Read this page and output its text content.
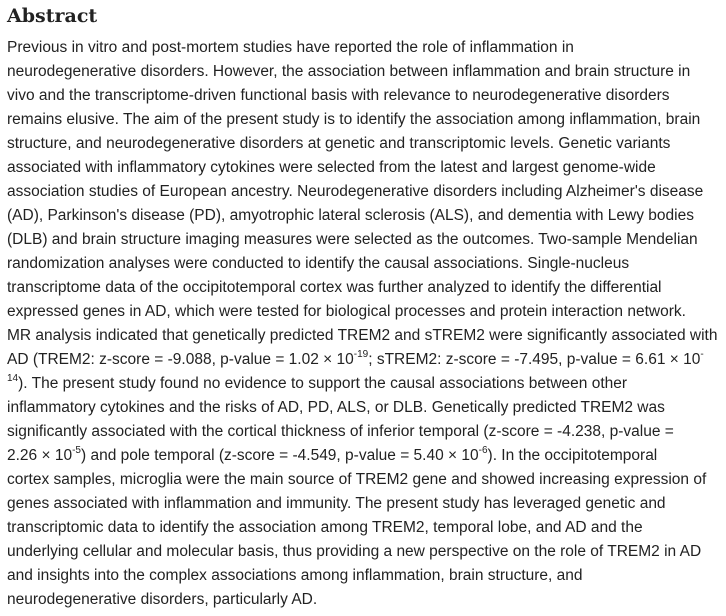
Abstract
Previous in vitro and post-mortem studies have reported the role of inflammation in
neurodegenerative disorders. However, the association between inflammation and brain structure in
vivo and the transcriptome-driven functional basis with relevance to neurodegenerative disorders
remains elusive. The aim of the present study is to identify the association among inflammation, brain
structure, and neurodegenerative disorders at genetic and transcriptomic levels. Genetic variants
associated with inflammatory cytokines were selected from the latest and largest genome-wide
association studies of European ancestry. Neurodegenerative disorders including Alzheimer's disease
(AD), Parkinson's disease (PD), amyotrophic lateral sclerosis (ALS), and dementia with Lewy bodies
(DLB) and brain structure imaging measures were selected as the outcomes. Two-sample Mendelian
randomization analyses were conducted to identify the causal associations. Single-nucleus
transcriptome data of the occipitotemporal cortex was further analyzed to identify the differential
expressed genes in AD, which were tested for biological processes and protein interaction network.
MR analysis indicated that genetically predicted TREM2 and sTREM2 were significantly associated with
AD (TREM2: z-score = -9.088, p-value = $1.02 \times 10^{-19}$; sTREM2: z-score = -7.495, p-value = 6.61 × 10-
$^{14}$). The present study found no evidence to support the causal associations between other
inflammatory cytokines and the risks of AD, PD, ALS, or DLB. Genetically predicted TREM2 was
significantly associated with the cortical thickness of inferior temporal (z-score = -4.238, p-value =
$2.26 \times 10^{-5}$) and pole temporal (z-score = -4.549, p-value = $5.40 \times 10^{-6}$). In the occipitotemporal
cortex samples, microglia were the main source of TREM2 gene and showed increasing expression of
genes associated with inflammation and immunity. The present study has leveraged genetic and
transcriptomic data to identify the association among TREM2, temporal lobe, and AD and the
underlying cellular and molecular basis, thus providing a new perspective on the role of TREM2 in AD
and insights into the complex associations among inflammation, brain structure, and
neurodegenerative disorders, particularly AD.
